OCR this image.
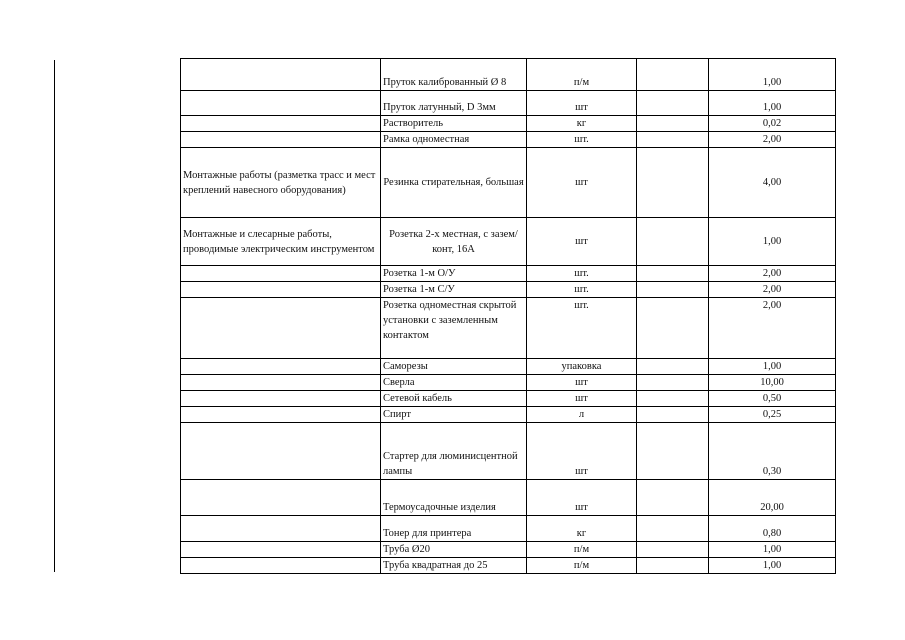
	Пруток калиброванный Ø 8	п/м		1,00
	Пруток латунный, D 3мм	шт		1,00
	Растворитель	кг		0,02
	Рамка одноместная	шт.		2,00
Монтажные работы (разметка трасс и мест креплений навесного оборудования)	Резинка стирательная, большая	шт		4,00
Монтажные и слесарные работы, проводимые электрическим инструментом	Розетка 2-х местная, с зазем/конт, 16А	шт		1,00
	Розетка 1-м О/У	шт.		2,00
	Розетка 1-м С/У	шт.		2,00
	Розетка одноместная скрытой установки с заземленным контактом	шт.		2,00
	Саморезы	упаковка		1,00
	Сверла	шт		10,00
	Сетевой кабель	шт		0,50
	Спирт	л		0,25
	Стартер для люминисцентной лампы	шт		0,30
	Термоусадочные изделия	шт		20,00
	Тонер для принтера	кг		0,80
	Труба Ø20	п/м		1,00
	Труба квадратная до 25	п/м		1,00
